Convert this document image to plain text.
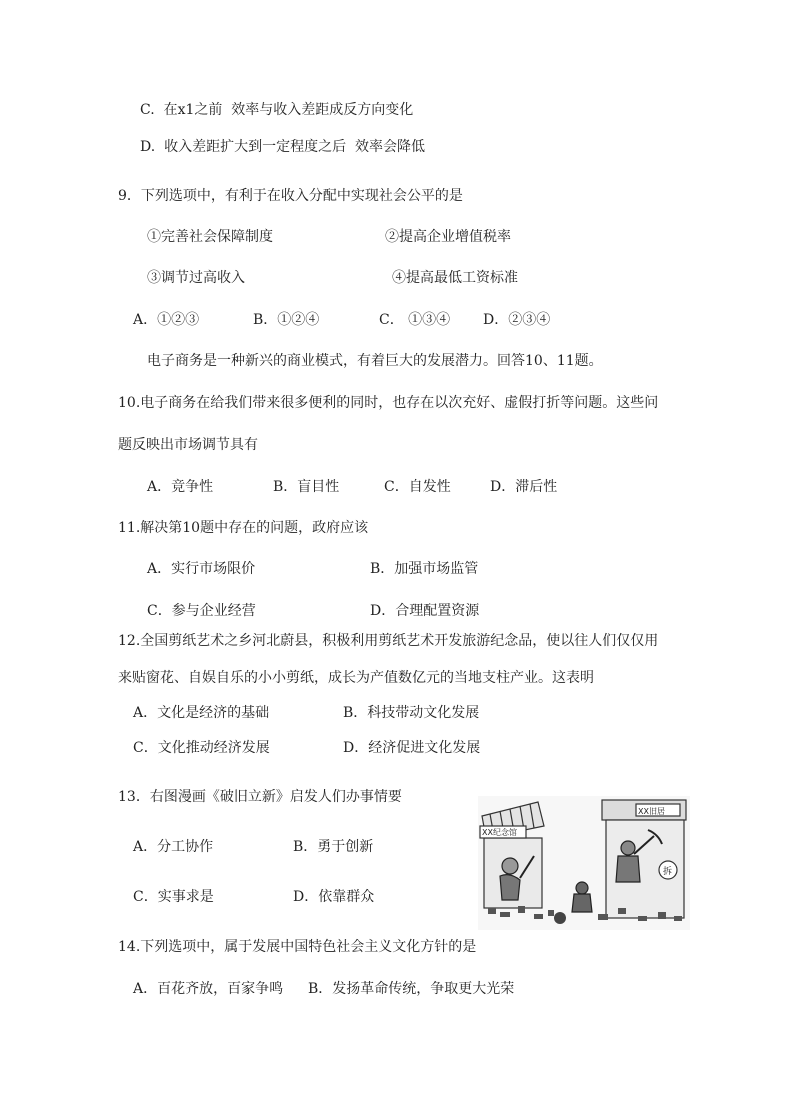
C.  在x1之前  效率与收入差距成反方向变化
D.  收入差距扩大到一定程度之后  效率会降低
9．下列选项中，有利于在收入分配中实现社会公平的是
①完善社会保障制度	②提高企业增值税率
③调节过高收入	④提高最低工资标准
A．①②③	B．①②④	C． ①③④ D．②③④
电子商务是一种新兴的商业模式，有着巨大的发展潜力。回答10、11题。
10.电子商务在给我们带来很多便利的同时，也存在以次充好、虚假打折等问题。这些问
题反映出市场调节具有
A．竞争性	B．盲目性	C．自发性	D．滞后性
11.解决第10题中存在的问题，政府应该
A．实行市场限价	B．加强市场监管
C．参与企业经营	D．合理配置资源
12.全国剪纸艺术之乡河北蔚县，积极利用剪纸艺术开发旅游纪念品，使以往人们仅仅用
来贴窗花、自娱自乐的小小剪纸，成长为产值数亿元的当地支柱产业。这表明
A．文化是经济的基础	B．科技带动文化发展
C．文化推动经济发展	D．经济促进文化发展
13．右图漫画《破旧立新》启发人们办事情要
A．分工协作	B．勇于创新
C．实事求是	D．依靠群众
XX纪念馆
XX旧居
拆
14.下列选项中，属于发展中国特色社会主义文化方针的是
A．百花齐放，百家争鸣 B．发扬革命传统，争取更大光荣
